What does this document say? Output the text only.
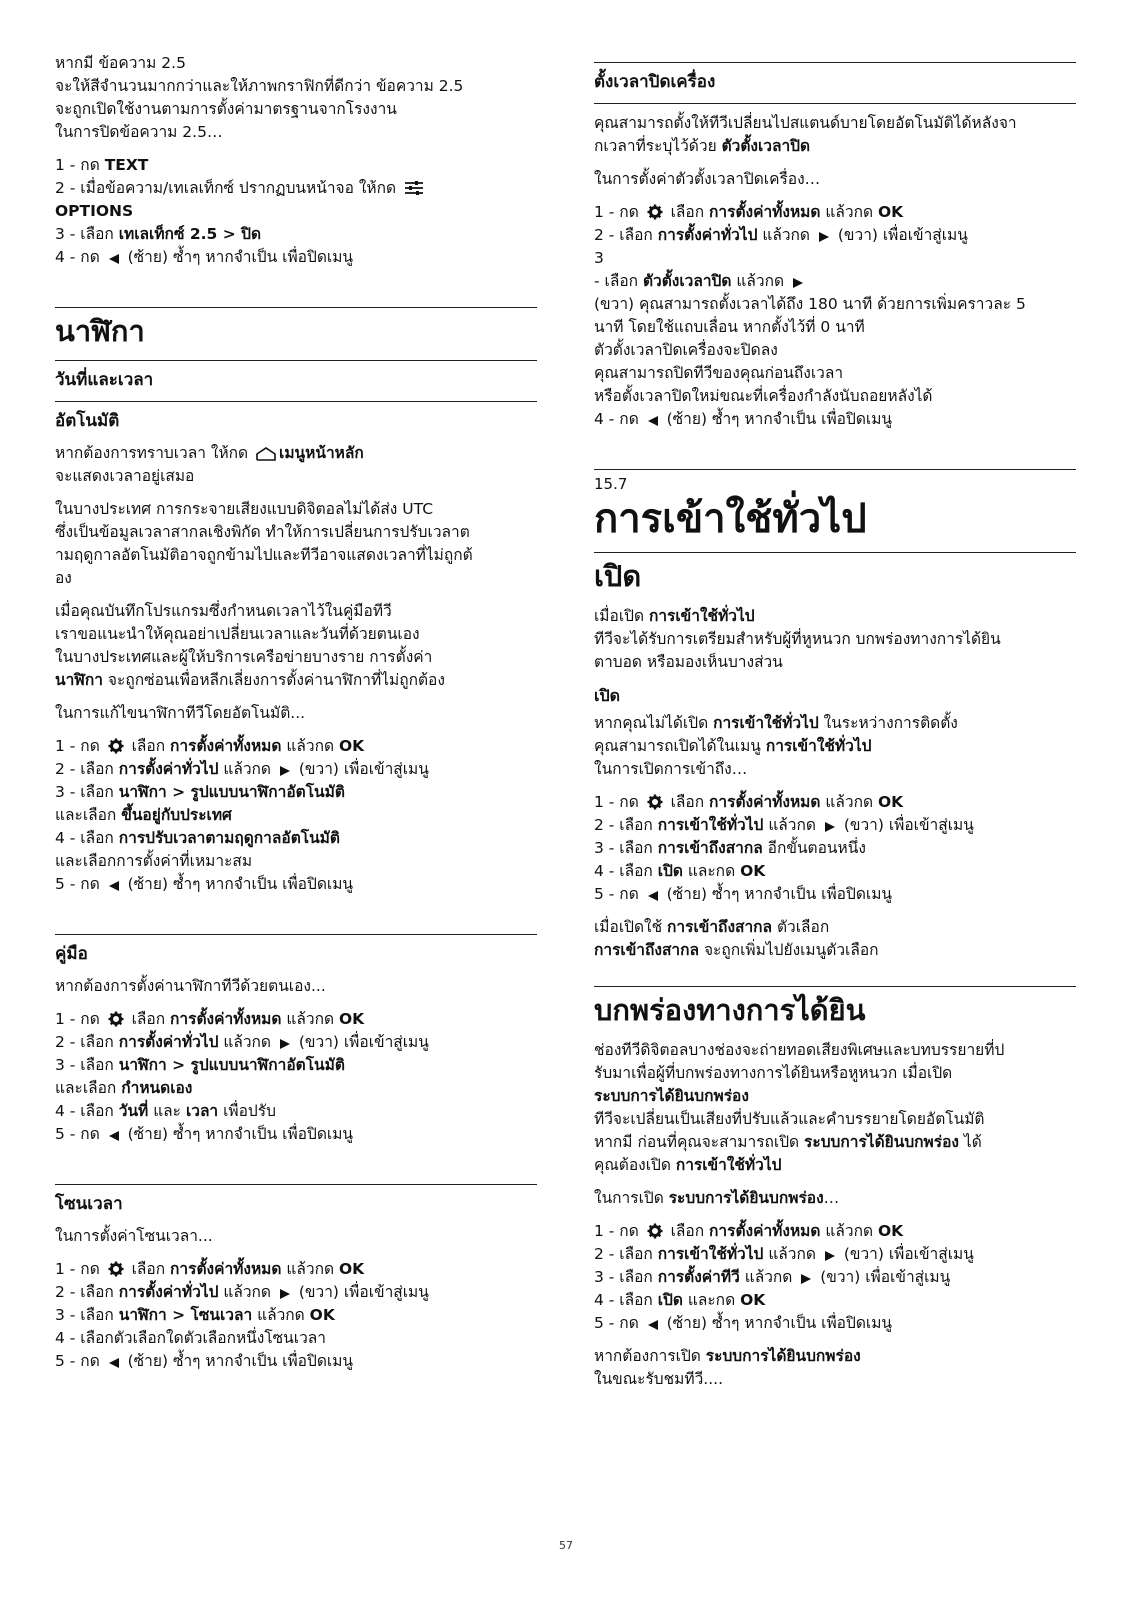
หากมี ข้อความ 2.5
จะให้สีจำนวนมากกว่าและให้ภาพกราฟิกที่ดีกว่า ข้อความ 2.5
จะถูกเปิดใช้งานตามการตั้งค่ามาตรฐานจากโรงงาน
ในการปิดข้อความ 2.5…

1 - กด TEXT
2 - เมื่อข้อความ/เทเลเท็กซ์ ปรากฏบนหน้าจอ ให้กด
OPTIONS
3 - เลือก เทเลเท็กซ์ 2.5 > ปิด
4 - กด  (ซ้าย) ซ้ำๆ หากจำเป็น เพื่อปิดเมนู
นาฬิกา
วันที่และเวลา
อัตโนมัติ

หากต้องการทราบเวลา ให้กด เมนูหน้าหลัก
จะแสดงเวลาอยู่เสมอ

ในบางประเทศ การกระจายเสียงแบบดิจิตอลไม่ได้ส่ง UTC
ซึ่งเป็นข้อมูลเวลาสากลเชิงพิกัด ทำให้การเปลี่ยนการปรับเวลาต
ามฤดูกาลอัตโนมัติอาจถูกข้ามไปและทีวีอาจแสดงเวลาที่ไม่ถูกต้
อง

เมื่อคุณบันทึกโปรแกรมซึ่งกำหนดเวลาไว้ในคู่มือทีวี
เราขอแนะนำให้คุณอย่าเปลี่ยนเวลาและวันที่ด้วยตนเอง
ในบางประเทศและผู้ให้บริการเครือข่ายบางราย การตั้งค่า
นาฬิกา จะถูกซ่อนเพื่อหลีกเลี่ยงการตั้งค่านาฬิกาที่ไม่ถูกต้อง

ในการแก้ไขนาฬิกาทีวีโดยอัตโนมัติ...

1 - กด  เลือก การตั้งค่าทั้งหมด แล้วกด OK
2 - เลือก การตั้งค่าทั่วไป แล้วกด  (ขวา) เพื่อเข้าสู่เมนู
3 - เลือก นาฬิกา > รูปแบบนาฬิกาอัตโนมัติ
และเลือก ขึ้นอยู่กับประเทศ
4 - เลือก การปรับเวลาตามฤดูกาลอัตโนมัติ
และเลือกการตั้งค่าที่เหมาะสม
5 - กด  (ซ้าย) ซ้ำๆ หากจำเป็น เพื่อปิดเมนู
คู่มือ

หากต้องการตั้งค่านาฬิกาทีวีด้วยตนเอง...

1 - กด  เลือก การตั้งค่าทั้งหมด แล้วกด OK
2 - เลือก การตั้งค่าทั่วไป แล้วกด  (ขวา) เพื่อเข้าสู่เมนู
3 - เลือก นาฬิกา > รูปแบบนาฬิกาอัตโนมัติ
และเลือก กำหนดเอง
4 - เลือก วันที่ และ เวลา เพื่อปรับ
5 - กด  (ซ้าย) ซ้ำๆ หากจำเป็น เพื่อปิดเมนู
โซนเวลา

ในการตั้งค่าโซนเวลา...

1 - กด  เลือก การตั้งค่าทั้งหมด แล้วกด OK
2 - เลือก การตั้งค่าทั่วไป แล้วกด  (ขวา) เพื่อเข้าสู่เมนู
3 - เลือก นาฬิกา > โซนเวลา แล้วกด OK
4 - เลือกตัวเลือกใดตัวเลือกหนึ่งโซนเวลา
5 - กด  (ซ้าย) ซ้ำๆ หากจำเป็น เพื่อปิดเมนู
ตั้งเวลาปิดเครื่อง

คุณสามารถตั้งให้ทีวีเปลี่ยนไปสแตนด์บายโดยอัตโนมัติได้หลังจา
กเวลาที่ระบุไว้ด้วย ตัวตั้งเวลาปิด

ในการตั้งค่าตัวตั้งเวลาปิดเครื่อง…

1 - กด  เลือก การตั้งค่าทั้งหมด แล้วกด OK
2 - เลือก การตั้งค่าทั่วไป แล้วกด  (ขวา) เพื่อเข้าสู่เมนู
3
- เลือก ตัวตั้งเวลาปิด แล้วกด
(ขวา) คุณสามารถตั้งเวลาได้ถึง 180 นาที ด้วยการเพิ่มคราวละ 5
นาที โดยใช้แถบเลื่อน หากตั้งไว้ที่ 0 นาที
ตัวตั้งเวลาปิดเครื่องจะปิดลง
คุณสามารถปิดทีวีของคุณก่อนถึงเวลา
หรือตั้งเวลาปิดใหม่ขณะที่เครื่องกำลังนับถอยหลังได้
4 - กด  (ซ้าย) ซ้ำๆ หากจำเป็น เพื่อปิดเมนู
15.7
การเข้าใช้ทั่วไป
เปิด

เมื่อเปิด การเข้าใช้ทั่วไป
ทีวีจะได้รับการเตรียมสำหรับผู้ที่หูหนวก บกพร่องทางการได้ยิน
ตาบอด หรือมองเห็นบางส่วน

เปิด

หากคุณไม่ได้เปิด การเข้าใช้ทั่วไป ในระหว่างการติดตั้ง
คุณสามารถเปิดได้ในเมนู การเข้าใช้ทั่วไป
ในการเปิดการเข้าถึง…

1 - กด  เลือก การตั้งค่าทั้งหมด แล้วกด OK
2 - เลือก การเข้าใช้ทั่วไป แล้วกด  (ขวา) เพื่อเข้าสู่เมนู
3 - เลือก การเข้าถึงสากล อีกขั้นตอนหนึ่ง
4 - เลือก เปิด และกด OK
5 - กด  (ซ้าย) ซ้ำๆ หากจำเป็น เพื่อปิดเมนู

เมื่อเปิดใช้ การเข้าถึงสากล ตัวเลือก
การเข้าถึงสากล จะถูกเพิ่มไปยังเมนูตัวเลือก

บกพร่องทางการได้ยิน

ช่องทีวีดิจิตอลบางช่องจะถ่ายทอดเสียงพิเศษและบทบรรยายที่ป
รับมาเพื่อผู้ที่บกพร่องทางการได้ยินหรือหูหนวก เมื่อเปิด
ระบบการได้ยินบกพร่อง
ทีวีจะเปลี่ยนเป็นเสียงที่ปรับแล้วและคำบรรยายโดยอัตโนมัติ
หากมี ก่อนที่คุณจะสามารถเปิด ระบบการได้ยินบกพร่อง ได้
คุณต้องเปิด การเข้าใช้ทั่วไป

ในการเปิด ระบบการได้ยินบกพร่อง…

1 - กด  เลือก การตั้งค่าทั้งหมด แล้วกด OK
2 - เลือก การเข้าใช้ทั่วไป แล้วกด  (ขวา) เพื่อเข้าสู่เมนู
3 - เลือก การตั้งค่าทีวี แล้วกด  (ขวา) เพื่อเข้าสู่เมนู
4 - เลือก เปิด และกด OK
5 - กด  (ซ้าย) ซ้ำๆ หากจำเป็น เพื่อปิดเมนู

หากต้องการเปิด ระบบการได้ยินบกพร่อง
ในขณะรับชมทีวี....

57
